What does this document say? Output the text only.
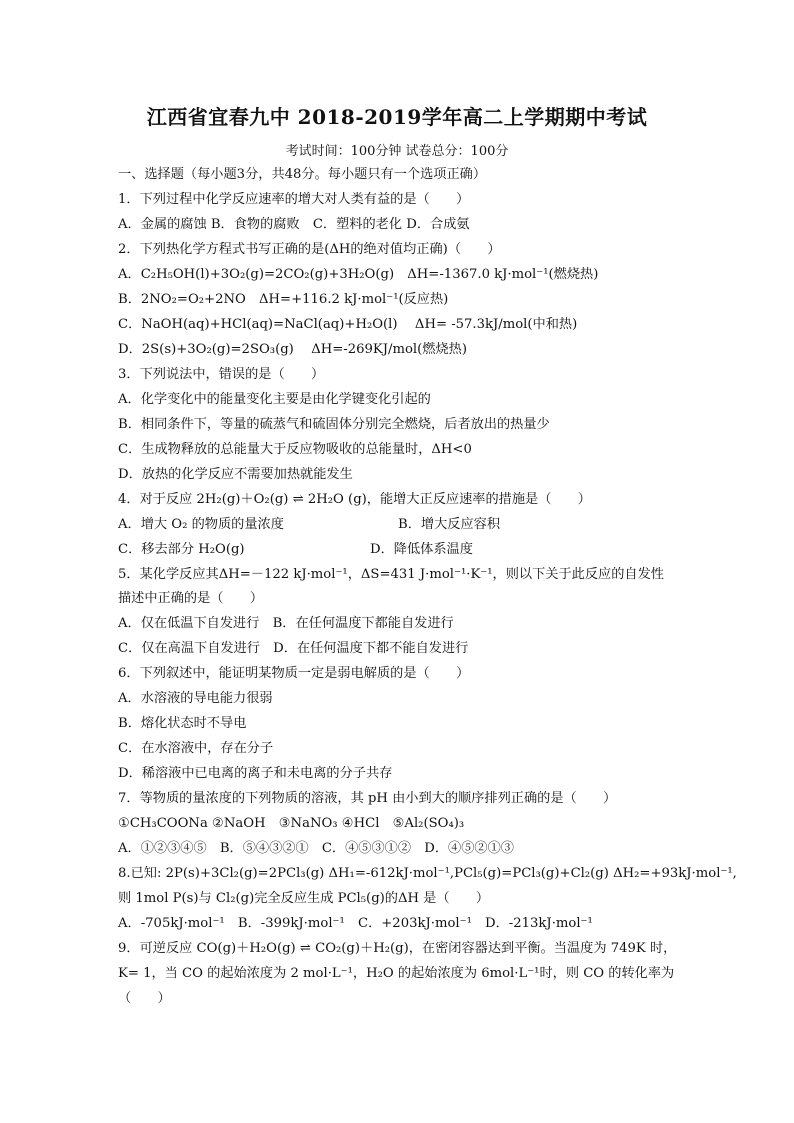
江西省宜春九中 2018-2019学年高二上学期期中考试
考试时间：100分钟 试卷总分：100分
一、选择题（每小题3分，共48分。每小题只有一个选项正确）
1．下列过程中化学反应速率的增大对人类有益的是（　　）
A．金属的腐蚀 B．食物的腐败　C．塑料的老化 D．合成氨
2．下列热化学方程式书写正确的是(ΔH的绝对值均正确)（　　）
A．C₂H₅OH(l)+3O₂(g)=2CO₂(g)+3H₂O(g)　ΔH=-1367.0 kJ·mol⁻¹(燃烧热)
B．2NO₂=O₂+2NO　ΔH=+116.2 kJ·mol⁻¹(反应热)
C．NaOH(aq)+HCl(aq)=NaCl(aq)+H₂O(l)　 ΔH= -57.3kJ/mol(中和热)
D．2S(s)+3O₂(g)=2SO₃(g)　 ΔH=-269KJ/mol(燃烧热)
3．下列说法中，错误的是（　　）
A．化学变化中的能量变化主要是由化学键变化引起的
B．相同条件下，等量的硫蒸气和硫固体分别完全燃烧，后者放出的热量少
C．生成物释放的总能量大于反应物吸收的总能量时，ΔH<0
D．放热的化学反应不需要加热就能发生
4．对于反应 2H₂(g)＋O₂(g) ⇌ 2H₂O (g)，能增大正反应速率的措施是（　　）
A．增大 O₂ 的物质的量浓度	B．增大反应容积
C．移去部分 H₂O(g)	D．降低体系温度
5．某化学反应其ΔH=－122 kJ·mol⁻¹，ΔS=431 J·mol⁻¹·K⁻¹，则以下关于此反应的自发性
描述中正确的是（　　）
A．仅在低温下自发进行　B．在任何温度下都能自发进行
C．仅在高温下自发进行　D．在任何温度下都不能自发进行
6．下列叙述中，能证明某物质一定是弱电解质的是（　　）
A．水溶液的导电能力很弱
B．熔化状态时不导电
C．在水溶液中，存在分子
D．稀溶液中已电离的离子和未电离的分子共存
7．等物质的量浓度的下列物质的溶液，其 pH 由小到大的顺序排列正确的是（　　）
①CH₃COONa ②NaOH　③NaNO₃ ④HCl　⑤Al₂(SO₄)₃
A．①②③④⑤　B．⑤④③②①　C．④⑤③①②　D．④⑤②①③
8.已知: 2P(s)+3Cl₂(g)=2PCl₃(g) ΔH₁=-612kJ·mol⁻¹,PCl₅(g)=PCl₃(g)+Cl₂(g) ΔH₂=+93kJ·mol⁻¹,
则 1mol P(s)与 Cl₂(g)完全反应生成 PCl₅(g)的ΔH 是（　　）
A．-705kJ·mol⁻¹　B．-399kJ·mol⁻¹　C．+203kJ·mol⁻¹　D．-213kJ·mol⁻¹
9．可逆反应 CO(g)＋H₂O(g) ⇌ CO₂(g)＋H₂(g)，在密闭容器达到平衡。当温度为 749K 时，
K= 1，当 CO 的起始浓度为 2 mol·L⁻¹，H₂O 的起始浓度为 6mol·L⁻¹时，则 CO 的转化率为
（　　）
